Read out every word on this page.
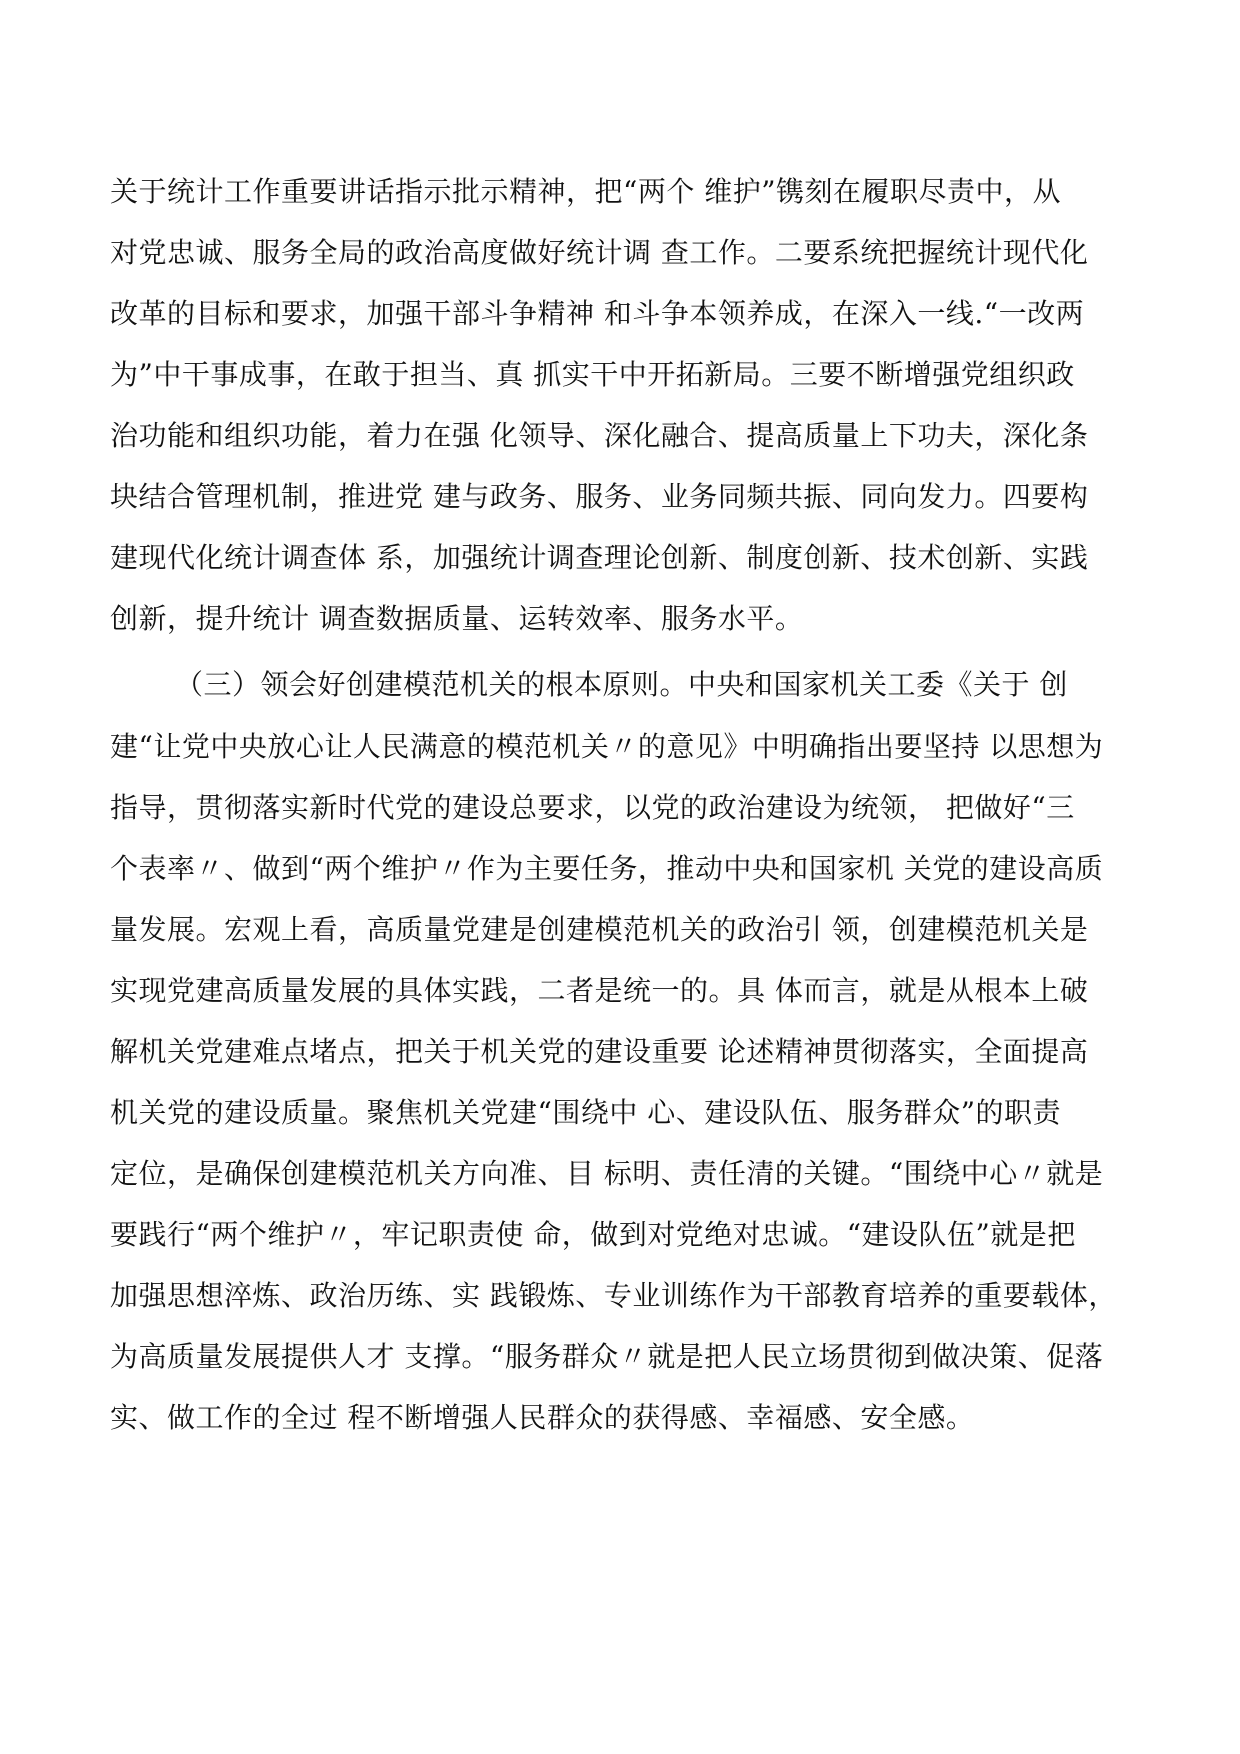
关于统计工作重要讲话指示批示精神，把“两个 维护”镌刻在履职尽责中，从
对党忠诚、服务全局的政治高度做好统计调 查工作。二要系统把握统计现代化
改革的目标和要求，加强干部斗争精神 和斗争本领养成，在深入一线.“一改两
为”中干事成事，在敢于担当、真 抓实干中开拓新局。三要不断增强党组织政
治功能和组织功能，着力在强 化领导、深化融合、提高质量上下功夫，深化条
块结合管理机制，推进党 建与政务、服务、业务同频共振、同向发力。四要构
建现代化统计调查体 系，加强统计调查理论创新、制度创新、技术创新、实践
创新，提升统计 调查数据质量、运转效率、服务水平。
（三）领会好创建模范机关的根本原则。中央和国家机关工委《关于 创
建“让党中央放心让人民满意的模范机关〃的意见》中明确指出要坚持 以思想为
指导，贯彻落实新时代党的建设总要求，以党的政治建设为统领， 把做好“三
个表率〃、做到“两个维护〃作为主要任务，推动中央和国家机 关党的建设高质
量发展。宏观上看，高质量党建是创建模范机关的政治引 领，创建模范机关是
实现党建高质量发展的具体实践，二者是统一的。具 体而言，就是从根本上破
解机关党建难点堵点，把关于机关党的建设重要 论述精神贯彻落实，全面提高
机关党的建设质量。聚焦机关党建“围绕中 心、建设队伍、服务群众”的职责
定位，是确保创建模范机关方向准、目 标明、责任清的关键。“围绕中心〃就是
要践行“两个维护〃，牢记职责使 命，做到对党绝对忠诚。“建设队伍”就是把
加强思想淬炼、政治历练、实 践锻炼、专业训练作为干部教育培养的重要载体，
为高质量发展提供人才 支撑。“服务群众〃就是把人民立场贯彻到做决策、促落
实、做工作的全过 程不断增强人民群众的获得感、幸福感、安全感。
